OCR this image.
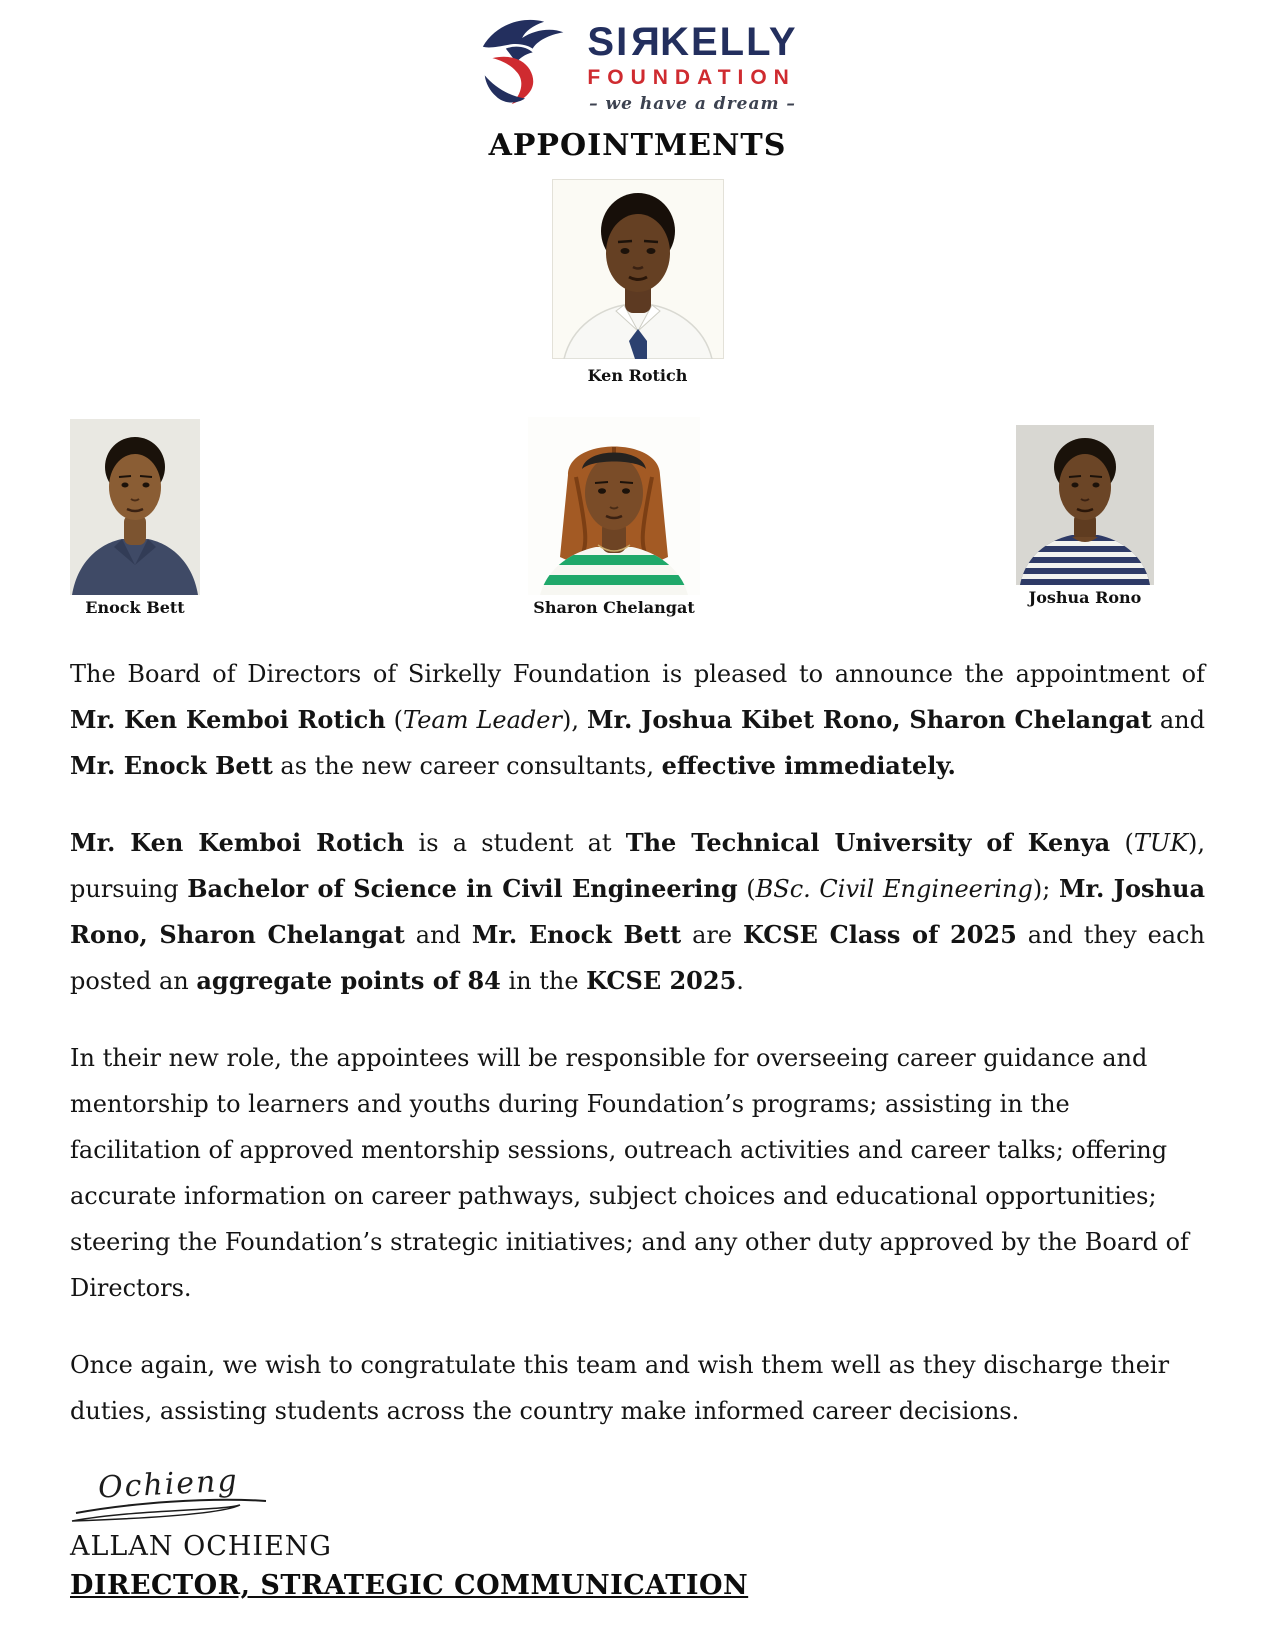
SIRKELLY
FOUNDATION
– we have a dream –
APPOINTMENTS
Ken Rotich
Enock Bett	Sharon Chelangat
Joshua Rono

The Board of Directors of Sirkelly Foundation is pleased to announce the appointment of Mr. Ken Kemboi Rotich (Team Leader), Mr. Joshua Kibet Rono, Sharon Chelangat and Mr. Enock Bett as the new career consultants, effective immediately.

Mr. Ken Kemboi Rotich is a student at The Technical University of Kenya (TUK), pursuing Bachelor of Science in Civil Engineering (BSc. Civil Engineering); Mr. Joshua Rono, Sharon Chelangat and Mr. Enock Bett are KCSE Class of 2025 and they each posted an aggregate points of 84 in the KCSE 2025.

In their new role, the appointees will be responsible for overseeing career guidance and mentorship to learners and youths during Foundation’s programs; assisting in the facilitation of approved mentorship sessions, outreach activities and career talks; offering accurate information on career pathways, subject choices and educational opportunities; steering the Foundation’s strategic initiatives; and any other duty approved by the Board of Directors.

Once again, we wish to congratulate this team and wish them well as they discharge their duties, assisting students across the country make informed career decisions.

Ochieng
ALLAN OCHIENG
DIRECTOR, STRATEGIC COMMUNICATION
